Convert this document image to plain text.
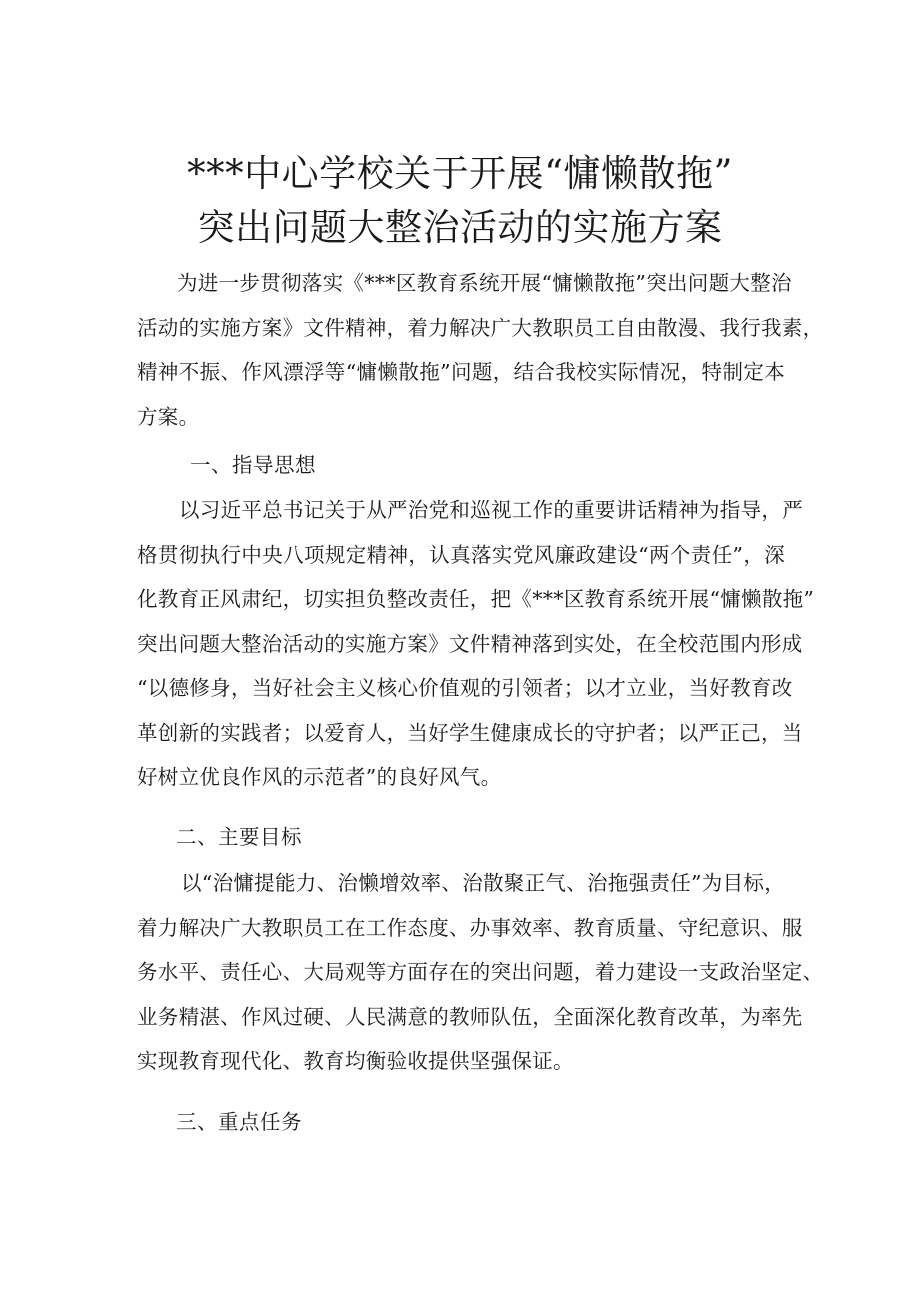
***中心学校关于开展“慵懒散拖”
突出问题大整治活动的实施方案
为进一步贯彻落实《***区教育系统开展“慵懒散拖”突出问题大整治
活动的实施方案》文件精神，着力解决广大教职员工自由散漫、我行我素，
精神不振、作风漂浮等“慵懒散拖”问题，结合我校实际情况，特制定本
方案。
一、指导思想
以习近平总书记关于从严治党和巡视工作的重要讲话精神为指导，严
格贯彻执行中央八项规定精神，认真落实党风廉政建设“两个责任”，深
化教育正风肃纪，切实担负整改责任，把《***区教育系统开展“慵懒散拖”
突出问题大整治活动的实施方案》文件精神落到实处，在全校范围内形成
“以德修身，当好社会主义核心价值观的引领者；以才立业，当好教育改
革创新的实践者；以爱育人，当好学生健康成长的守护者；以严正己，当
好树立优良作风的示范者”的良好风气。
二、主要目标
以“治慵提能力、治懒增效率、治散聚正气、治拖强责任”为目标，
着力解决广大教职员工在工作态度、办事效率、教育质量、守纪意识、服
务水平、责任心、大局观等方面存在的突出问题，着力建设一支政治坚定、
业务精湛、作风过硬、人民满意的教师队伍，全面深化教育改革，为率先
实现教育现代化、教育均衡验收提供坚强保证。
三、重点任务
